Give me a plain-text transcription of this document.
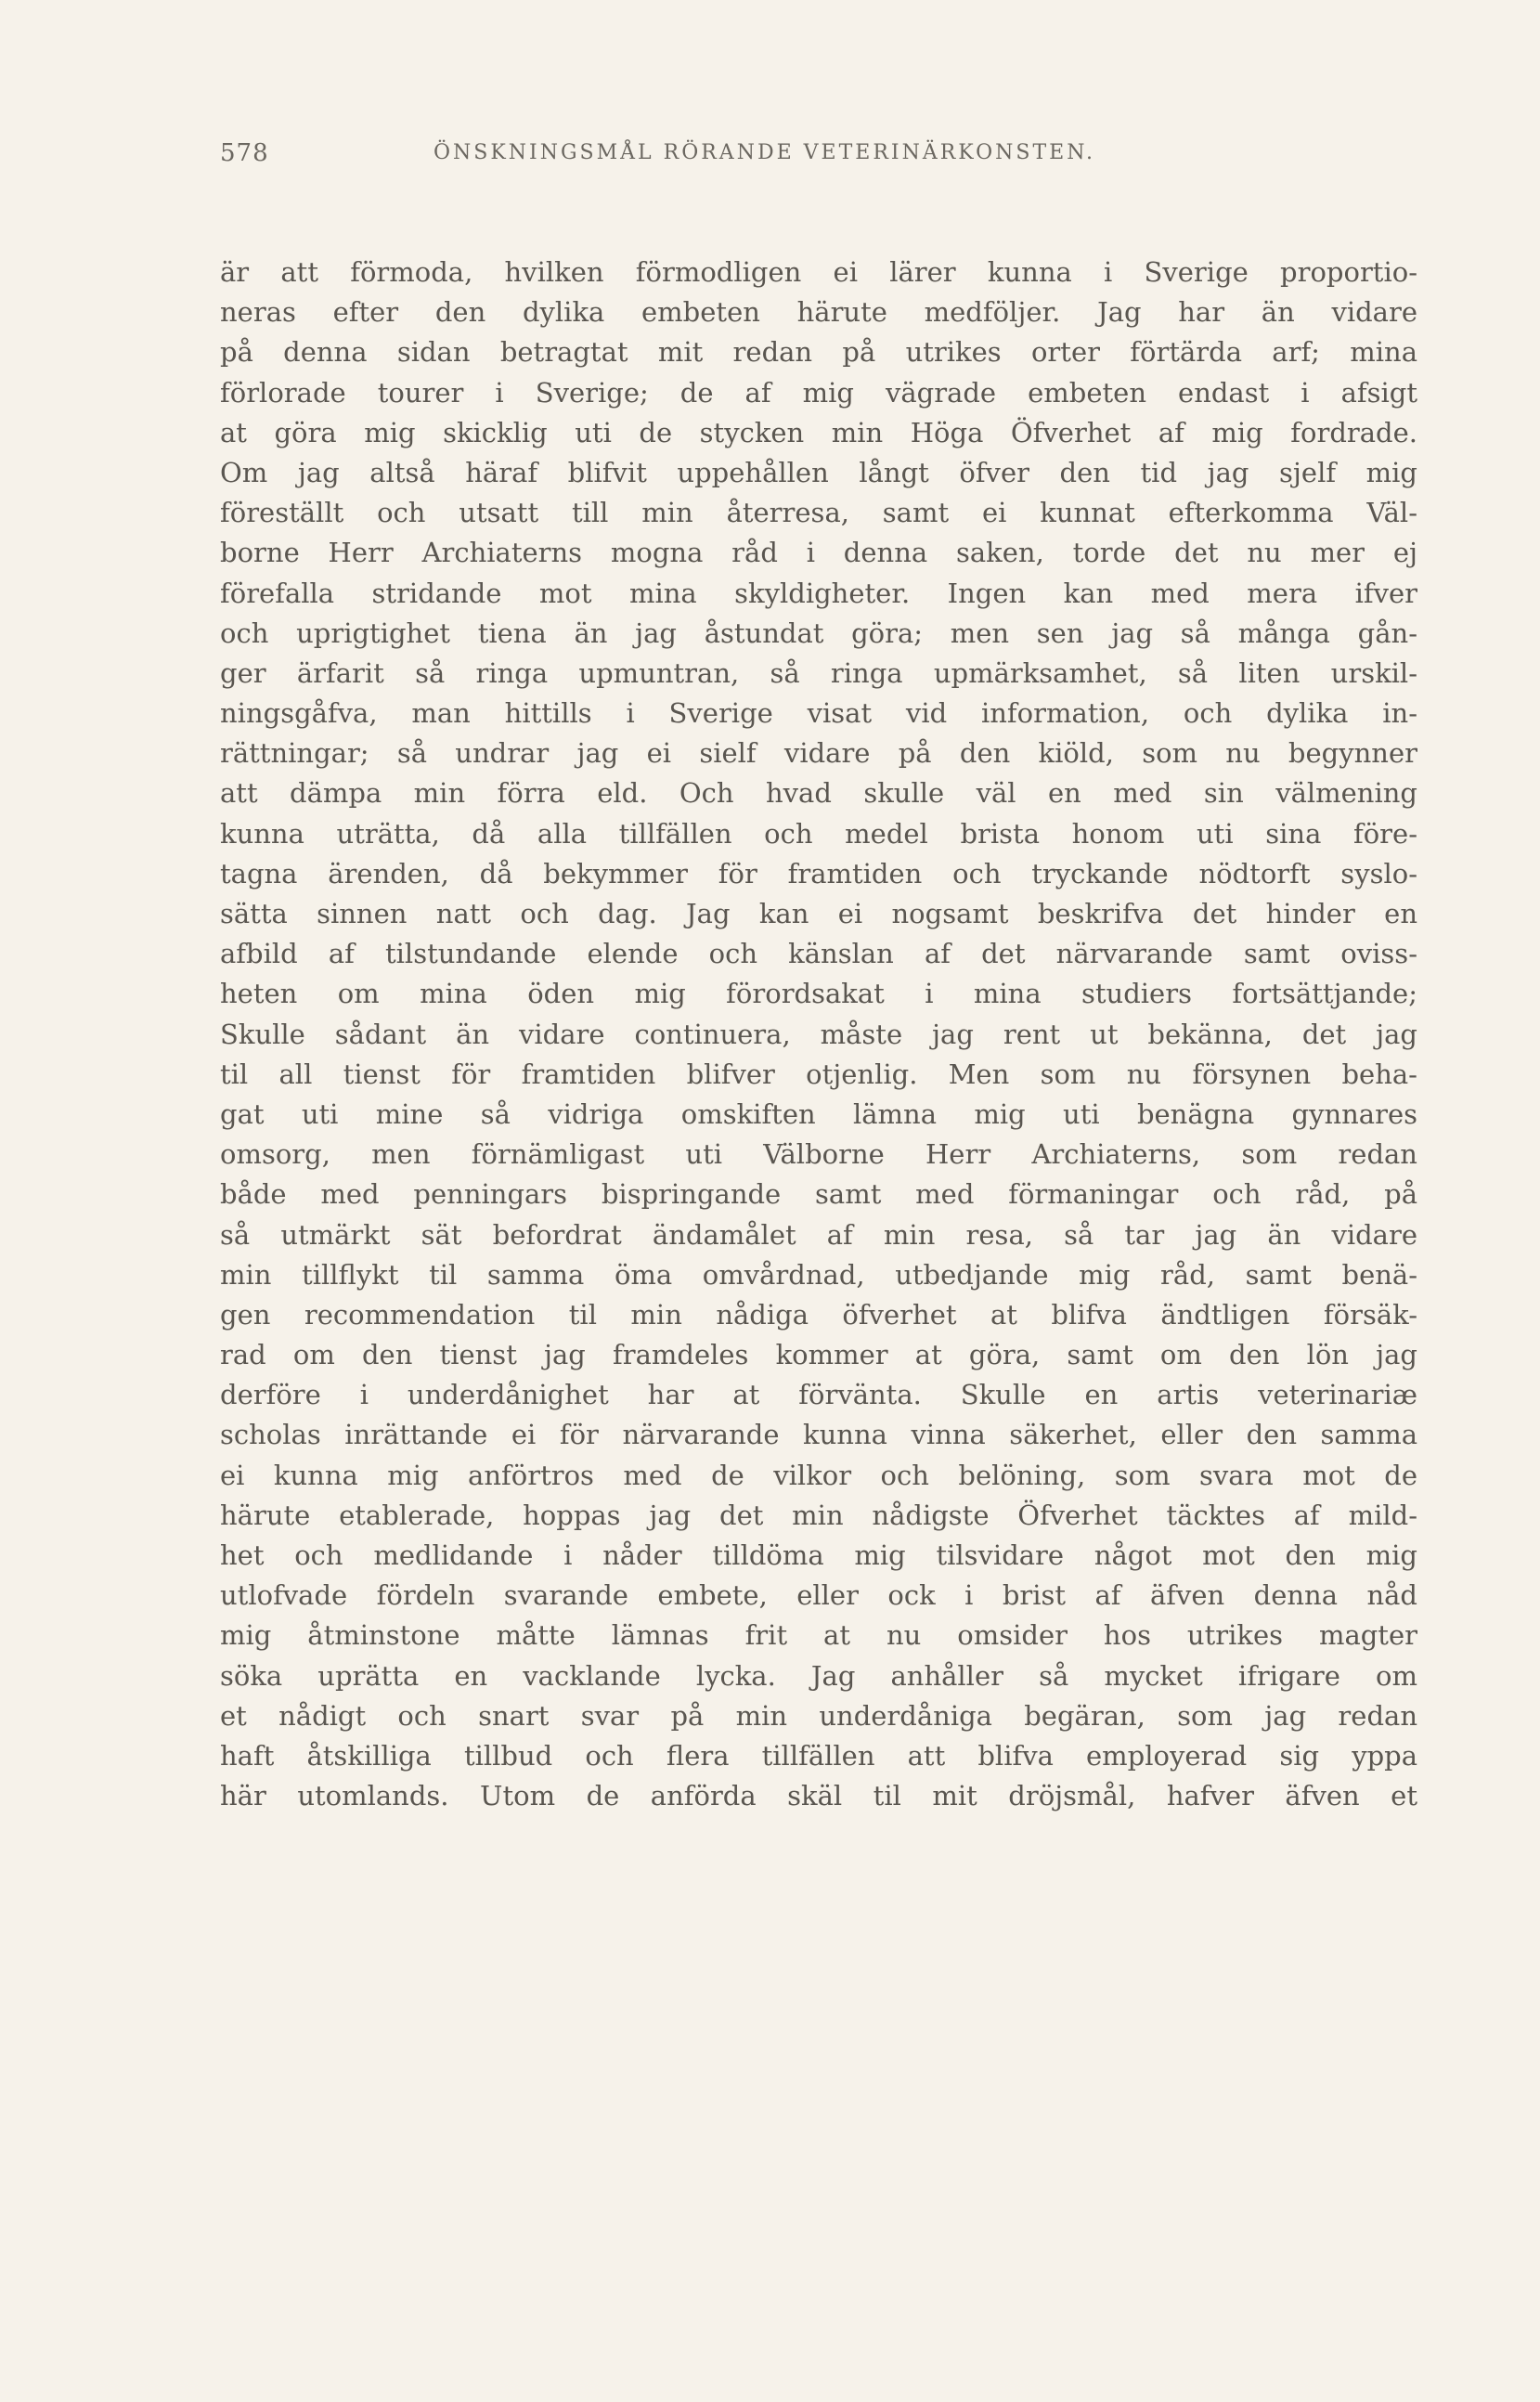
578	ÖNSKNINGSMÅL RÖRANDE VETERINÄRKONSTEN.
är att förmoda, hvilken förmodligen ei lärer kunna i Sverige proportio-
neras efter den dylika embeten härute medföljer. Jag har än vidare
på denna sidan betragtat mit redan på utrikes orter förtärda arf; mina
förlorade tourer i Sverige; de af mig vägrade embeten endast i afsigt
at göra mig skicklig uti de stycken min Höga Öfverhet af mig fordrade.
Om jag altså häraf blifvit uppehållen långt öfver den tid jag sjelf mig
föreställt och utsatt till min återresa, samt ei kunnat efterkomma Väl-
borne Herr Archiaterns mogna råd i denna saken, torde det nu mer ej
förefalla stridande mot mina skyldigheter. Ingen kan med mera ifver
och uprigtighet tiena än jag åstundat göra; men sen jag så många gån-
ger ärfarit så ringa upmuntran, så ringa upmärksamhet, så liten urskil-
ningsgåfva, man hittills i Sverige visat vid information, och dylika in-
rättningar; så undrar jag ei sielf vidare på den kiöld, som nu begynner
att dämpa min förra eld. Och hvad skulle väl en med sin välmening
kunna uträtta, då alla tillfällen och medel brista honom uti sina före-
tagna ärenden, då bekymmer för framtiden och tryckande nödtorft syslo-
sätta sinnen natt och dag. Jag kan ei nogsamt beskrifva det hinder en
afbild af tilstundande elende och känslan af det närvarande samt oviss-
heten om mina öden mig förordsakat i mina studiers fortsättjande;
Skulle sådant än vidare continuera, måste jag rent ut bekänna, det jag
til all tienst för framtiden blifver otjenlig. Men som nu försynen beha-
gat uti mine så vidriga omskiften lämna mig uti benägna gynnares
omsorg, men förnämligast uti Välborne Herr Archiaterns, som redan
både med penningars bispringande samt med förmaningar och råd, på
så utmärkt sät befordrat ändamålet af min resa, så tar jag än vidare
min tillflykt til samma öma omvårdnad, utbedjande mig råd, samt benä-
gen recommendation til min nådiga öfverhet at blifva ändtligen försäk-
rad om den tienst jag framdeles kommer at göra, samt om den lön jag
derföre i underdånighet har at förvänta. Skulle en artis veterinariæ
scholas inrättande ei för närvarande kunna vinna säkerhet, eller den samma
ei kunna mig anförtros med de vilkor och belöning, som svara mot de
härute etablerade, hoppas jag det min nådigste Öfverhet täcktes af mild-
het och medlidande i nåder tilldöma mig tilsvidare något mot den mig
utlofvade fördeln svarande embete, eller ock i brist af äfven denna nåd
mig åtminstone måtte lämnas frit at nu omsider hos utrikes magter
söka uprätta en vacklande lycka. Jag anhåller så mycket ifrigare om
et nådigt och snart svar på min underdåniga begäran, som jag redan
haft åtskilliga tillbud och flera tillfällen att blifva employerad sig yppa
här utomlands. Utom de anförda skäl til mit dröjsmål, hafver äfven et
